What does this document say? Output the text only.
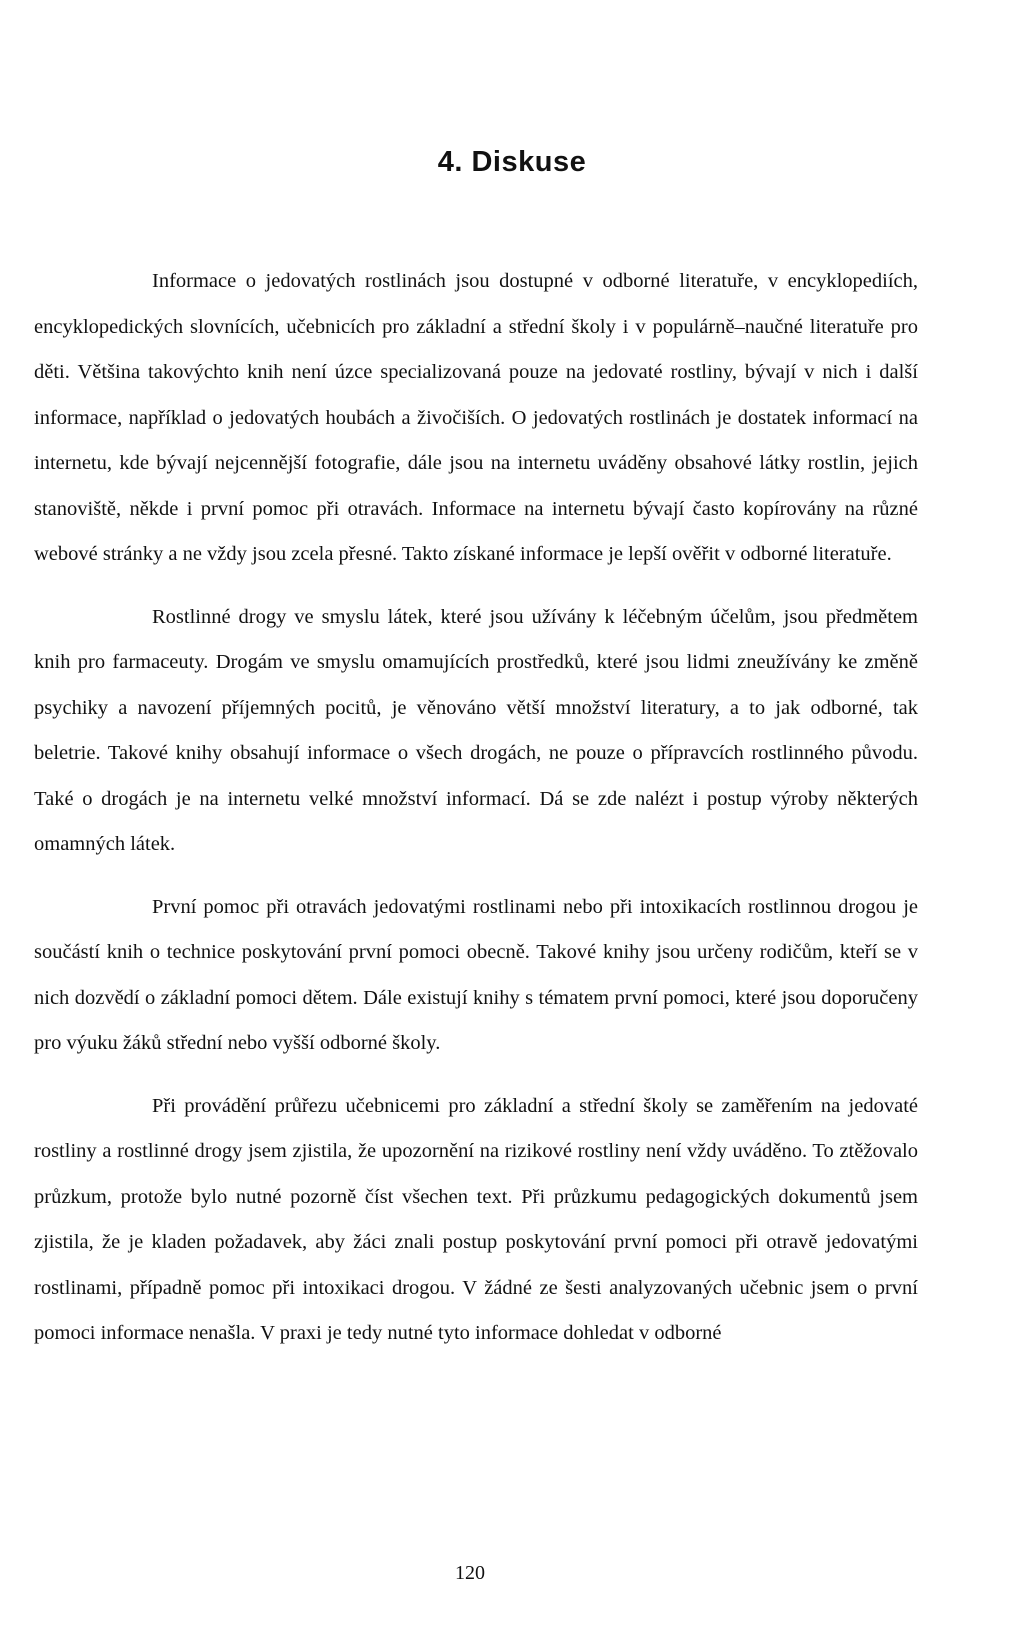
4. Diskuse

Informace o jedovatých rostlinách jsou dostupné v odborné literatuře, v encyklopediích, encyklopedických slovnících, učebnicích pro základní a střední školy i v populárně–naučné literatuře pro děti. Většina takovýchto knih není úzce specializovaná pouze na jedovaté rostliny, bývají v nich i další informace, například o jedovatých houbách a živočiších. O jedovatých rostlinách je dostatek informací na internetu, kde bývají nejcennější fotografie, dále jsou na internetu uváděny obsahové látky rostlin, jejich stanoviště, někde i první pomoc při otravách. Informace na internetu bývají často kopírovány na různé webové stránky a ne vždy jsou zcela přesné. Takto získané informace je lepší ověřit v odborné literatuře.

Rostlinné drogy ve smyslu látek, které jsou užívány k léčebným účelům, jsou předmětem knih pro farmaceuty. Drogám ve smyslu omamujících prostředků, které jsou lidmi zneužívány ke změně psychiky a navození příjemných pocitů, je věnováno větší množství literatury, a to jak odborné, tak beletrie. Takové knihy obsahují informace o všech drogách, ne pouze o přípravcích rostlinného původu. Také o drogách je na internetu velké množství informací. Dá se zde nalézt i postup výroby některých omamných látek.

První pomoc při otravách jedovatými rostlinami nebo při intoxikacích rostlinnou drogou je součástí knih o technice poskytování první pomoci obecně. Takové knihy jsou určeny rodičům, kteří se v nich dozvědí o základní pomoci dětem. Dále existují knihy s tématem první pomoci, které jsou doporučeny pro výuku žáků střední nebo vyšší odborné školy.

Při provádění průřezu učebnicemi pro základní a střední školy se zaměřením na jedovaté rostliny a rostlinné drogy jsem zjistila, že upozornění na rizikové rostliny není vždy uváděno. To ztěžovalo průzkum, protože bylo nutné pozorně číst všechen text. Při průzkumu pedagogických dokumentů jsem zjistila, že je kladen požadavek, aby žáci znali postup poskytování první pomoci při otravě jedovatými rostlinami, případně pomoc při intoxikaci drogou. V žádné ze šesti analyzovaných učebnic jsem o první pomoci informace nenašla. V praxi je tedy nutné tyto informace dohledat v odborné

120
